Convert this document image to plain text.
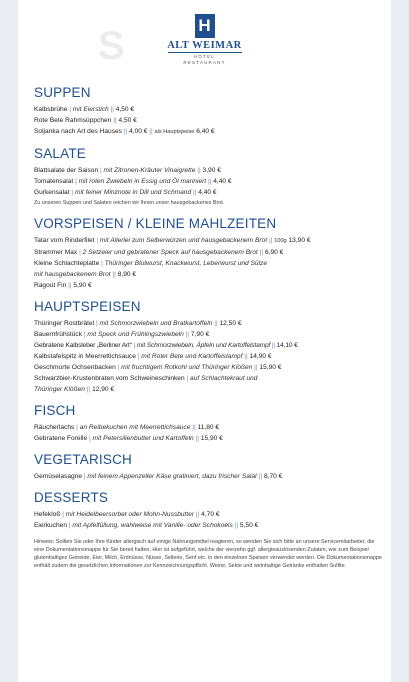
S	H
ALT WEIMAR
HOTEL
RESTAURANT
SUPPEN
Kalbsbrühe | mit Eierstich || 4,50 €
Rote Bete Rahmsüppchen || 4,50 €
Soljanka nach Art des Hauses || 4,00 € || als Hauptspeise 6,40 €
SALATE
Blattsalate der Saison | mit Zitronen-Kräuter Vinaigrette || 3,90 €
Tomatensalat | mit roten Zwiebeln in Essig und Öl mariniert || 4,40 €
Gurkensalat | mit feiner Minznote in Dill und Schmand || 4,40 €
Zu unseren Suppen und Salaten reichen wir Ihnen unser hausgebackenes Brot.
VORSPEISEN / KLEINE MAHLZEITEN
Tatar vom Rinderfilet | mit Allerlei zum Selberwürzen und hausgebackenem Brot || 100g 13,90 €
Strammer Max | 2 Setzeier und gebratener Speck auf hausgebackenem Brot || 6,90 €
Kleine Schlachteplatte | Thüringer Blutwurst, Knackwurst, Leberwurst und Sülze
mit hausgebackenem Brot || 8,90 €
Ragout Fin || 5,90 €
HAUPTSPEISEN
Thüringer Rostbrätel | mit Schmorzwiebeln und Bratkartoffeln || 12,50 €
Bauernfrühstück | mit Speck und Frühlingszwiebeln || 7,90 €
Gebratene Kalbsleber „Berliner Art“ | mit Schmorzwiebeln, Äpfeln und Kartoffelstampf || 14,10 €
Kalbstafelspitz in Meerrettichsauce | mit Roter Bete und Kartoffelstampf || 14,90 €
Geschmorte Ochsenbacken | mit fruchtigem Rotkohl und Thüringer Klößen || 15,90 €
Schwarzbier-Krustenbraten vom Schweineschinken | auf Schlachtekraut und
Thüringer Klößen || 12,90 €
FISCH
Räucherlachs | an Reibekuchen mit Meerrettichsauce || 11,80 €
Gebratene Forelle | mit Petersilienbutter und Kartoffeln || 15,90 €
VEGETARISCH
Gemüselasagne | mit feinem Appenzeller Käse gratiniert, dazu frischer Salat || 8,70 €
DESSERTS
Hefekloß | mit Heidelbeersorbet oder Mohn-Nussbutter || 4,70 €
Eierkuchen | mit Apfelfüllung, wahlweise mit Vanille- oder Schokoeis || 5,50 €
Hinweis: Sollten Sie oder Ihre Kinder allergisch auf einige Nahrungsmittel reagieren, so wenden Sie sich bitte an unsere Servicemitarbeiter, die eine Dokumentationsmappe für Sie bereit halten. Hier ist aufgeführt, welche der vierzehn ggf. allergieauslösenden Zutaten, wie zum Beispiel glutenhaltiges Getreide, Eier, Milch, Erdnüsse, Nüsse, Sellerie, Senf etc. in den einzelnen Speisen verwendet werden. Die Dokumentationsmappe enthält zudem die gesetzlichen Informationen zur Kennzeichnungspflicht. Weine, Sekte und weinhaltige Getränke enthalten Sulfite.
